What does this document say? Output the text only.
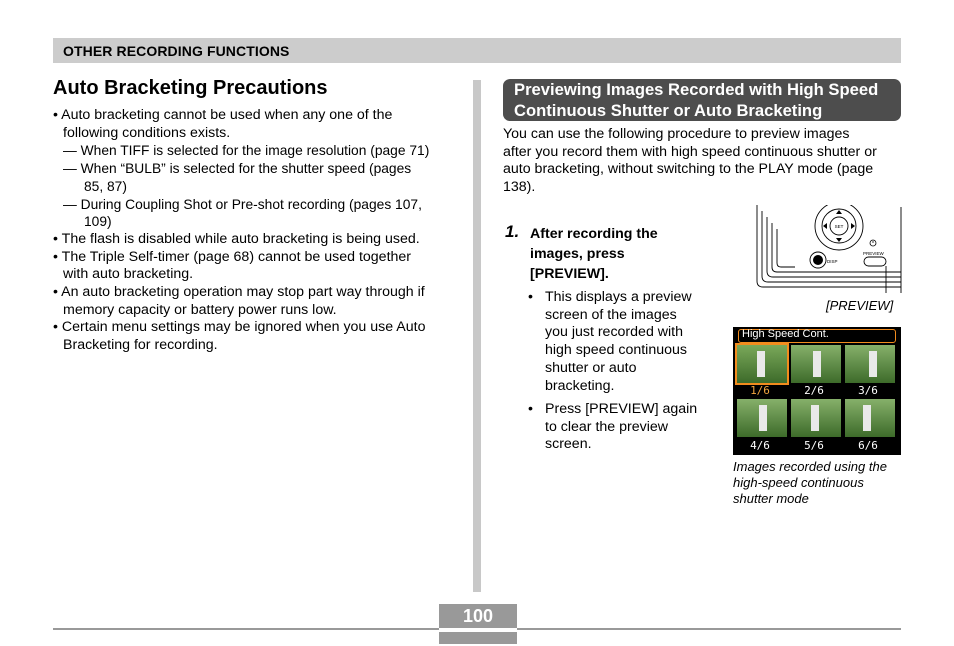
OTHER RECORDING FUNCTIONS
Auto Bracketing Precautions
• Auto bracketing cannot be used when any one of the
following conditions exists.
— When TIFF is selected for the image resolution (page 71)
— When “BULB” is selected for the shutter speed (pages
85, 87)
— During Coupling Shot or Pre-shot recording (pages 107,
109)
• The flash is disabled while auto bracketing is being used.
• The Triple Self-timer (page 68) cannot be used together
with auto bracketing.
• An auto bracketing operation may stop part way through if
memory capacity or battery power runs low.
• Certain menu settings may be ignored when you use Auto
Bracketing for recording.
Previewing Images Recorded with High Speed
Continuous Shutter or Auto Bracketing
You can use the following procedure to preview images
after you record them with high speed continuous shutter or
auto bracketing, without switching to the PLAY mode (page
138).
1. After recording the
images, press
[PREVIEW].
• This displays a preview
screen of the images
you just recorded with
high speed continuous
shutter or auto
bracketing.
• Press [PREVIEW] again
to clear the preview
screen.
SET
DISP
PREVIEW
[PREVIEW]
High Speed Cont.
1/6	2/6	3/6
4/6	5/6	6/6
Images recorded using the
high-speed continuous
shutter mode
100
